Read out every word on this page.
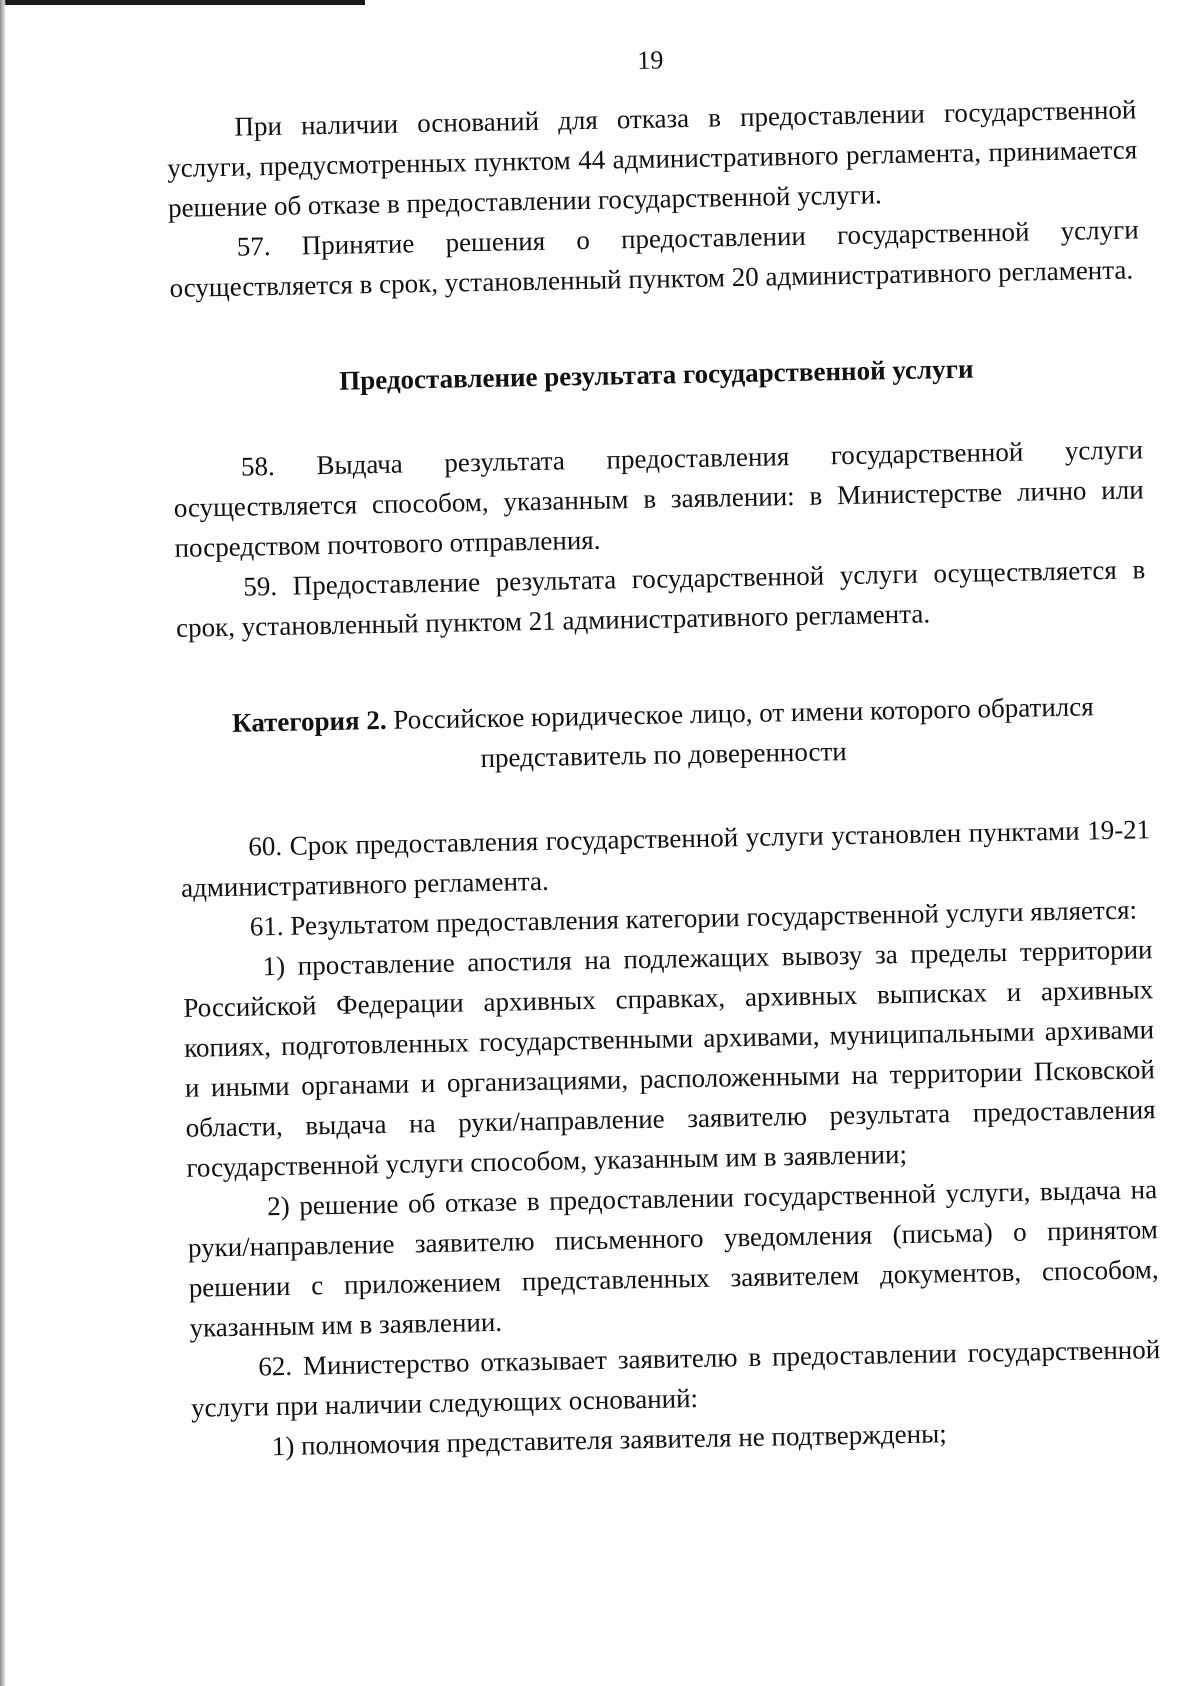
19

При наличии оснований для отказа в предоставлении государственной услуги, предусмотренных пунктом 44 административного регламента, принимается решение об отказе в предоставлении государственной услуги.

57. Принятие решения о предоставлении государственной услуги осуществляется в срок, установленный пунктом 20 административного регламента.

Предоставление результата государственной услуги

58. Выдача результата предоставления государственной услуги осуществляется способом, указанным в заявлении: в Министерстве лично или посредством почтового отправления.

59. Предоставление результата государственной услуги осуществляется в срок, установленный пунктом 21 административного регламента.

Категория 2. Российское юридическое лицо, от имени которого обратился представитель по доверенности

60. Срок предоставления государственной услуги установлен пунктами 19-21 административного регламента.

61. Результатом предоставления категории государственной услуги является:

1) проставление апостиля на подлежащих вывозу за пределы территории Российской Федерации архивных справках, архивных выписках и архивных копиях, подготовленных государственными архивами, муниципальными архивами и иными органами и организациями, расположенными на территории Псковской области, выдача на руки/направление заявителю результата предоставления государственной услуги способом, указанным им в заявлении;

2) решение об отказе в предоставлении государственной услуги, выдача на руки/направление заявителю письменного уведомления (письма) о принятом решении с приложением представленных заявителем документов, способом, указанным им в заявлении.

62. Министерство отказывает заявителю в предоставлении государственной услуги при наличии следующих оснований:

1) полномочия представителя заявителя не подтверждены;
